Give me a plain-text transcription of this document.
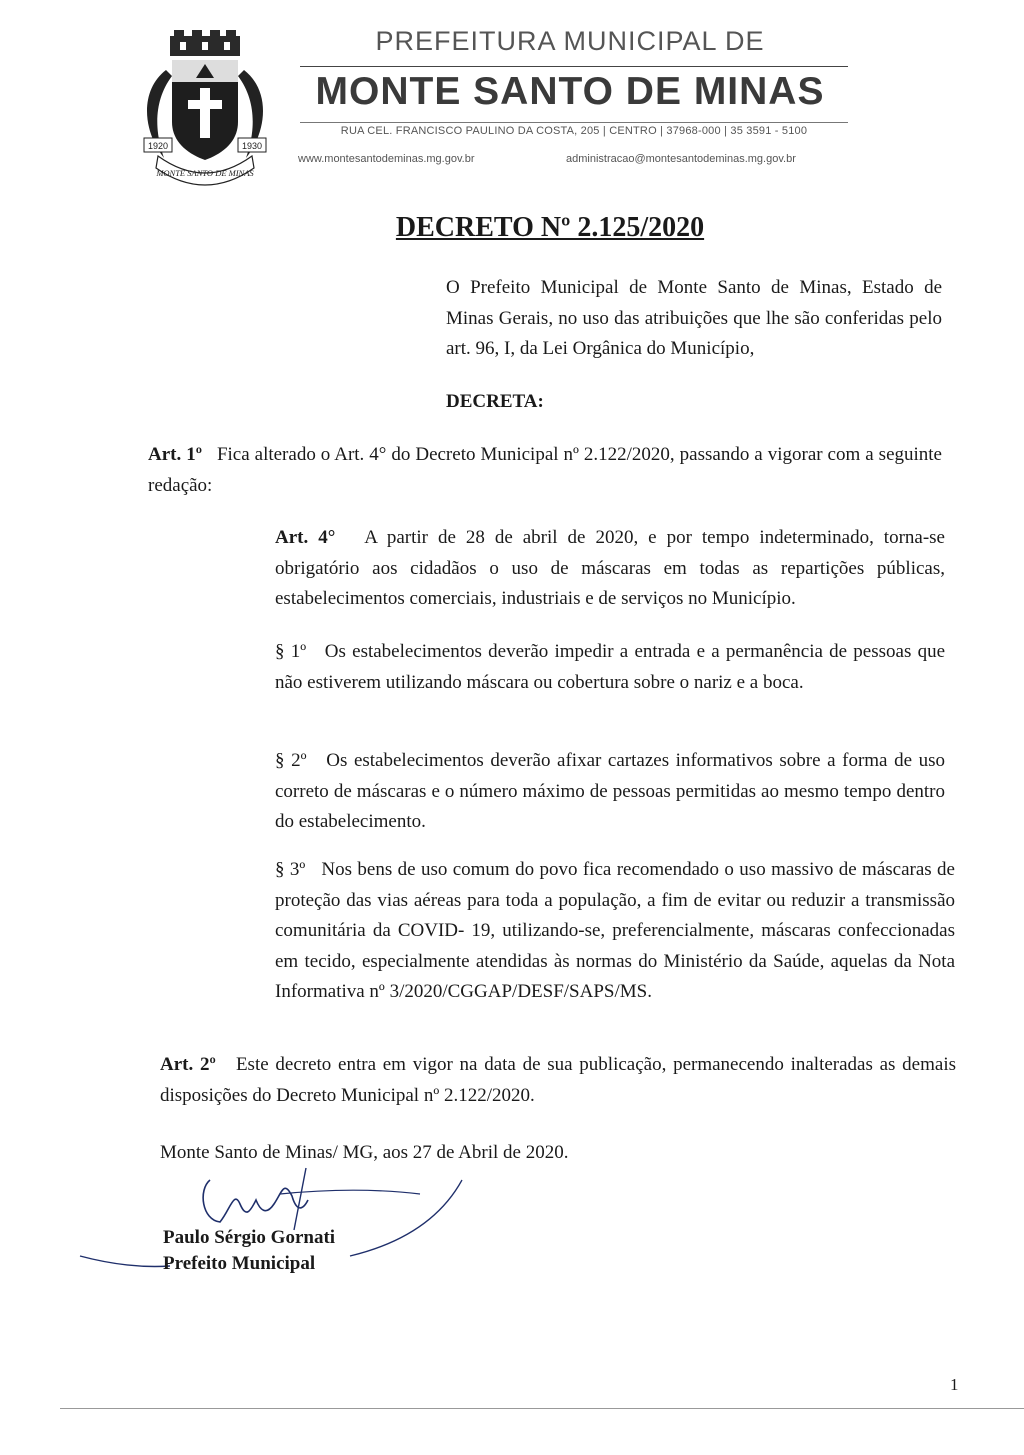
1920	1930
MONTE SANTO DE MINAS
PREFEITURA MUNICIPAL DE
MONTE SANTO DE MINAS
RUA CEL. FRANCISCO PAULINO DA COSTA, 205 | CENTRO | 37968-000 | 35 3591 - 5100
www.montesantodeminas.mg.gov.br	administracao@montesantodeminas.mg.gov.br
DECRETO Nº 2.125/2020
O Prefeito Municipal de Monte Santo de Minas, Estado de Minas Gerais, no uso das atribuições que lhe são conferidas pelo art. 96, I, da Lei Orgânica do Município,
DECRETA:
Art. 1º Fica alterado o Art. 4° do Decreto Municipal nº 2.122/2020, passando a vigorar com a seguinte redação:
Art. 4° A partir de 28 de abril de 2020, e por tempo indeterminado, torna-se obrigatório aos cidadãos o uso de máscaras em todas as repartições públicas, estabelecimentos comerciais, industriais e de serviços no Município.
§ 1º Os estabelecimentos deverão impedir a entrada e a permanência de pessoas que não estiverem utilizando máscara ou cobertura sobre o nariz e a boca.
§ 2º Os estabelecimentos deverão afixar cartazes informativos sobre a forma de uso correto de máscaras e o número máximo de pessoas permitidas ao mesmo tempo dentro do estabelecimento.
§ 3º Nos bens de uso comum do povo fica recomendado o uso massivo de máscaras de proteção das vias aéreas para toda a população, a fim de evitar ou reduzir a transmissão comunitária da COVID- 19, utilizando-se, preferencialmente, máscaras confeccionadas em tecido, especialmente atendidas às normas do Ministério da Saúde, aquelas da Nota Informativa nº 3/2020/CGGAP/DESF/SAPS/MS.
Art. 2º Este decreto entra em vigor na data de sua publicação, permanecendo inalteradas as demais disposições do Decreto Municipal nº 2.122/2020.
Monte Santo de Minas/ MG, aos 27 de Abril de 2020.
Paulo Sérgio Gornati
Prefeito Municipal
1
